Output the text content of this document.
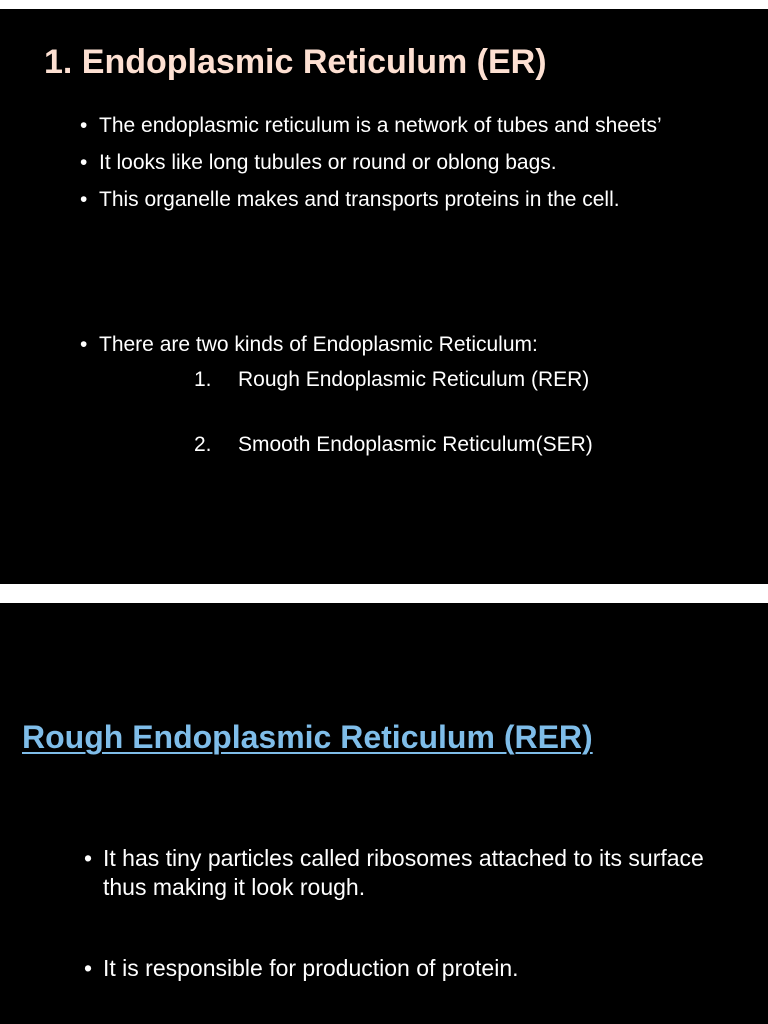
1. Endoplasmic Reticulum (ER)
• The endoplasmic reticulum is a network of tubes and sheets’
• It looks like long tubules or round or oblong bags.
• This organelle makes and transports proteins in the cell.
• There are two kinds of Endoplasmic Reticulum:
1. Rough Endoplasmic Reticulum (RER)
2. Smooth Endoplasmic Reticulum(SER)
Rough Endoplasmic Reticulum (RER)
• It has tiny particles called ribosomes attached to its surface thus making it look rough.
• It is responsible for production of protein.
